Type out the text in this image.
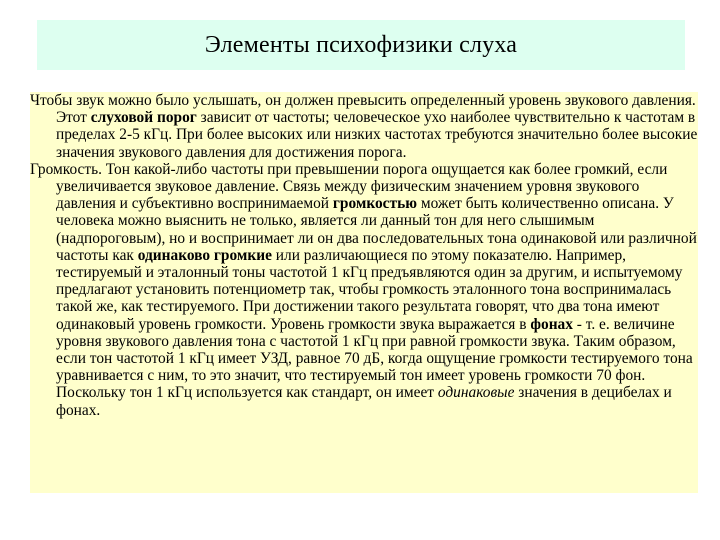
Элементы психофизики слуха

Чтобы звук можно было услышать, он должен превысить определенный уровень звукового давления. Этот слуховой порог зависит от частоты; человеческое ухо наиболее чувствительно к частотам в пределах 2-5 кГц. При более высоких или низких частотах требуются значительно более высокие значения звукового давления для достижения порога.

Громкость. Тон какой-либо частоты при превышении порога ощущается как более громкий, если увеличивается звуковое давление. Связь между физическим значением уровня звукового давления и субъективно воспринимаемой громкостью может быть количественно описана. У человека можно выяснить не только, является ли данный тон для него слышимым (надпороговым), но и воспринимает ли он два последовательных тона одинаковой или различной частоты как одинаково громкие или различающиеся по этому показателю. Например, тестируемый и эталонный тоны частотой 1 кГц предъявляются один за другим, и испытуемому предлагают установить потенциометр так, чтобы громкость эталонного тона воспринималась такой же, как тестируемого. При достижении такого результата говорят, что два тона имеют одинаковый уровень громкости. Уровень громкости звука выражается в фонах - т. е. величине уровня звукового давления тона с частотой 1 кГц при равной громкости звука. Таким образом, если тон частотой 1 кГц имеет УЗД, равное 70 дБ, когда ощущение громкости тестируемого тона уравнивается с ним, то это значит, что тестируемый тон имеет уровень громкости 70 фон. Поскольку тон 1 кГц используется как стандарт, он имеет одинаковые значения в децибелах и фонах.
